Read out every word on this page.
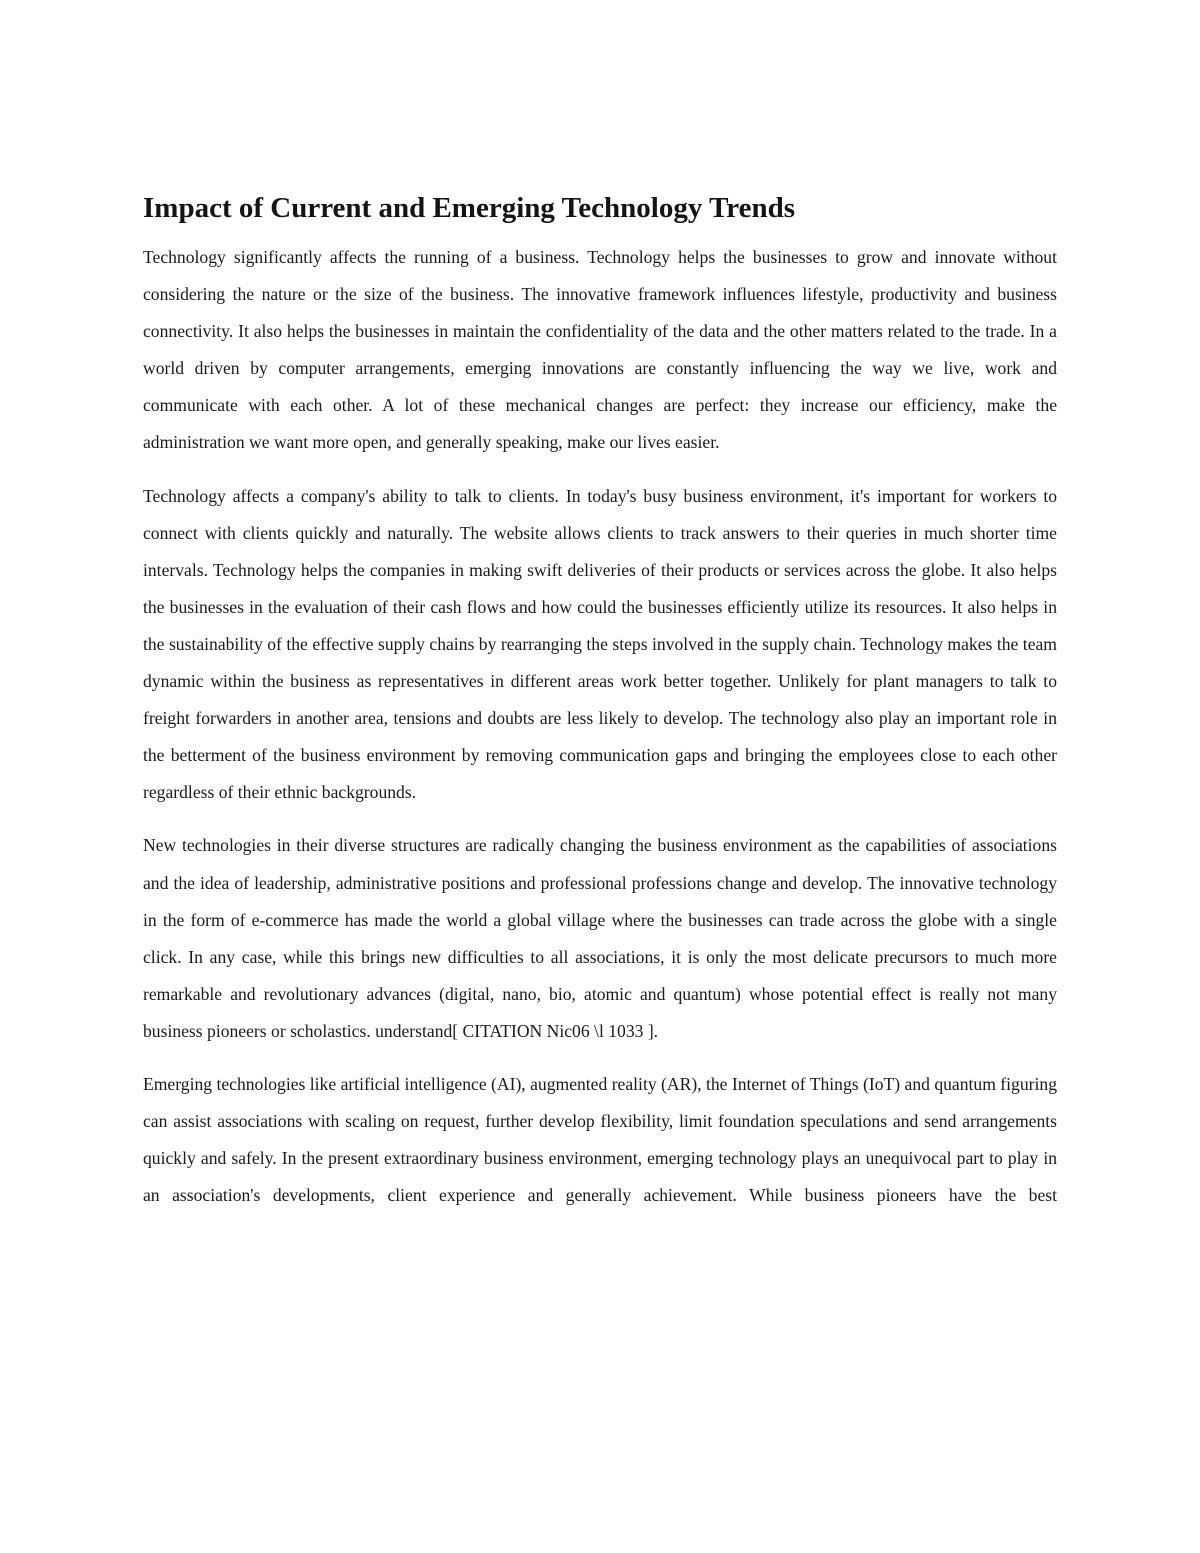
Impact of Current and Emerging Technology Trends

Technology significantly affects the running of a business. Technology helps the businesses to grow and innovate without considering the nature or the size of the business. The innovative framework influences lifestyle, productivity and business connectivity. It also helps the businesses in maintain the confidentiality of the data and the other matters related to the trade. In a world driven by computer arrangements, emerging innovations are constantly influencing the way we live, work and communicate with each other. A lot of these mechanical changes are perfect: they increase our efficiency, make the administration we want more open, and generally speaking, make our lives easier.

Technology affects a company's ability to talk to clients. In today's busy business environment, it's important for workers to connect with clients quickly and naturally. The website allows clients to track answers to their queries in much shorter time intervals. Technology helps the companies in making swift deliveries of their products or services across the globe. It also helps the businesses in the evaluation of their cash flows and how could the businesses efficiently utilize its resources. It also helps in the sustainability of the effective supply chains by rearranging the steps involved in the supply chain. Technology makes the team dynamic within the business as representatives in different areas work better together. Unlikely for plant managers to talk to freight forwarders in another area, tensions and doubts are less likely to develop. The technology also play an important role in the betterment of the business environment by removing communication gaps and bringing the employees close to each other regardless of their ethnic backgrounds.

New technologies in their diverse structures are radically changing the business environment as the capabilities of associations and the idea of leadership, administrative positions and professional professions change and develop. The innovative technology in the form of e-commerce has made the world a global village where the businesses can trade across the globe with a single click. In any case, while this brings new difficulties to all associations, it is only the most delicate precursors to much more remarkable and revolutionary advances (digital, nano, bio, atomic and quantum) whose potential effect is really not many business pioneers or scholastics. understand[ CITATION Nic06 \l 1033 ].

Emerging technologies like artificial intelligence (AI), augmented reality (AR), the Internet of Things (IoT) and quantum figuring can assist associations with scaling on request, further develop flexibility, limit foundation speculations and send arrangements quickly and safely. In the present extraordinary business environment, emerging technology plays an unequivocal part to play in an association's developments, client experience and generally achievement. While business pioneers have the best
